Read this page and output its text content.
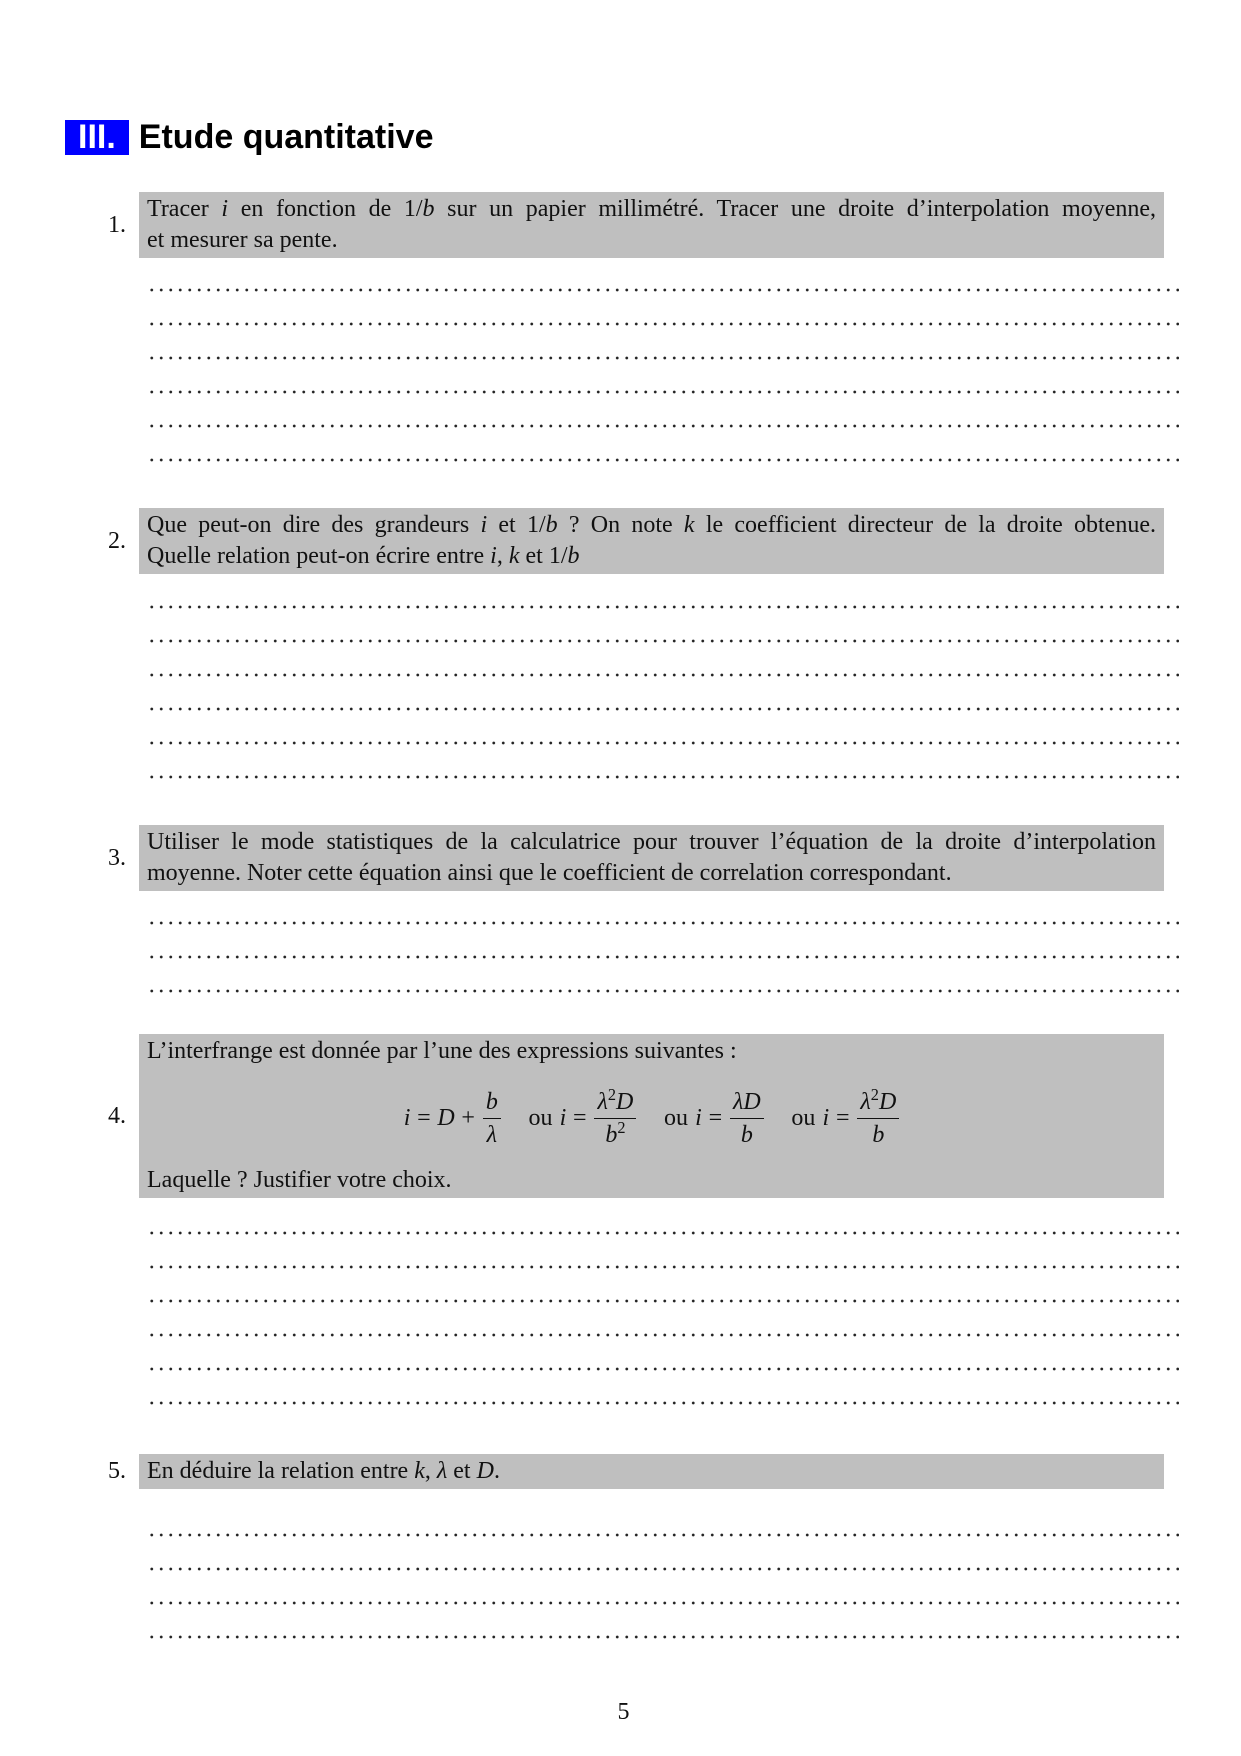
III. Etude quantitative
1.
Tracer i en fonction de 1/b sur un papier millimétré. Tracer une droite d’interpolation moyenne,
et mesurer sa pente.
2.
Que peut-on dire des grandeurs i et 1/b ? On note k le coefficient directeur de la droite obtenue.
Quelle relation peut-on écrire entre i, k et 1/b
3.
Utiliser le mode statistiques de la calculatrice pour trouver l’équation de la droite d’interpolation
moyenne. Noter cette équation ainsi que le coefficient de correlation correspondant.
4.
L’interfrange est donnée par l’une des expressions suivantes :
$i = D + \frac{b}{\lambda}$ ou $i = \frac{\lambda^2D}{b^2}$ ou $i = \frac{\lambda D}{b}$ ou $i = \frac{\lambda^2D}{b}$
Laquelle ? Justifier votre choix.
5. En déduire la relation entre k, λ et D.
5
